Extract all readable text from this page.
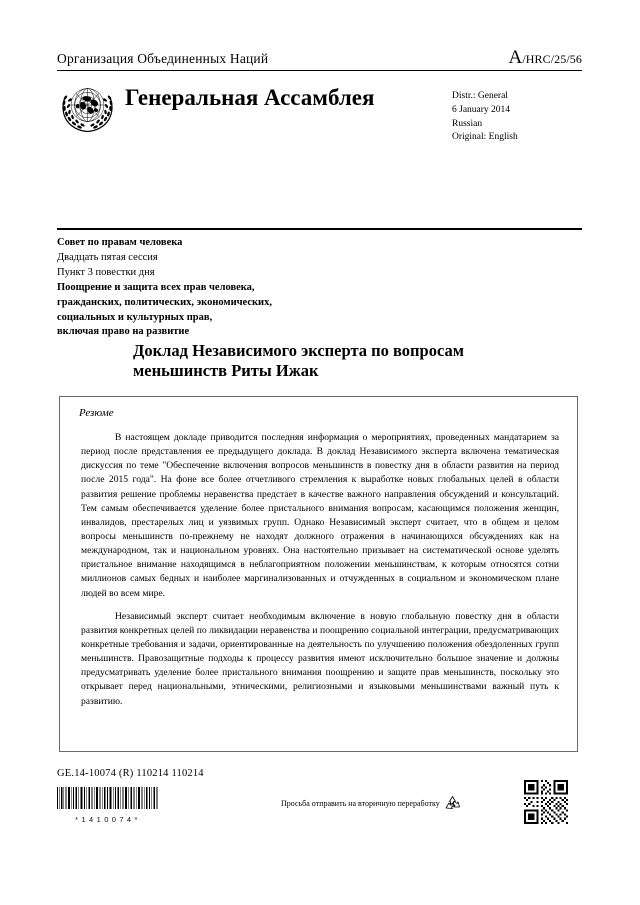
Организация Объединенных Наций	A/HRC/25/56
Генеральная Ассамблея	Distr.: General
6 January 2014
Russian
Original: English
Совет по правам человека
Двадцать пятая сессия
Пункт 3 повестки дня
Поощрение и защита всех прав человека,
гражданских, политических, экономических,
социальных и культурных прав,
включая право на развитие
Доклад Независимого эксперта по вопросам меньшинств Риты Ижак
Резюме

В настоящем докладе приводится последняя информация о мероприятиях, проведенных мандатарием за период после представления ее предыдущего доклада. В доклад Независимого эксперта включена тематическая дискуссия по теме "Обеспечение включения вопросов меньшинств в повестку дня в области развития на период после 2015 года". На фоне все более отчетливого стремления к выработке новых глобальных целей в области развития решение проблемы неравенства предстает в качестве важного направления обсуждений и консультаций. Тем самым обеспечивается уделение более пристального внимания вопросам, касающимся положения женщин, инвалидов, престарелых лиц и уязвимых групп. Однако Независимый эксперт считает, что в общем и целом вопросы меньшинств по-прежнему не находят должного отражения в начинающихся обсуждениях как на международном, так и национальном уровнях. Она настоятельно призывает на систематической основе уделять пристальное внимание находящимся в неблагоприятном положении меньшинствам, к которым относятся сотни миллионов самых бедных и наиболее маргинализованных и отчужденных в социальном и экономическом плане людей во всем мире.

Независимый эксперт считает необходимым включение в новую глобальную повестку дня в области развития конкретных целей по ликвидации неравенства и поощрению социальной интеграции, предусматривающих конкретные требования и задачи, ориентированные на деятельность по улучшению положения обездоленных групп меньшинств. Правозащитные подходы к процессу развития имеют исключительно большое значение и должны предусматривать уделение более пристального внимания поощрению и защите прав меньшинств, поскольку это открывает перед национальными, этническими, религиозными и языковыми меньшинствами важный путь к развитию.

GE.14-10074 (R) 110214 110214
*1410074*
Просьба отправить на вторичную переработку
